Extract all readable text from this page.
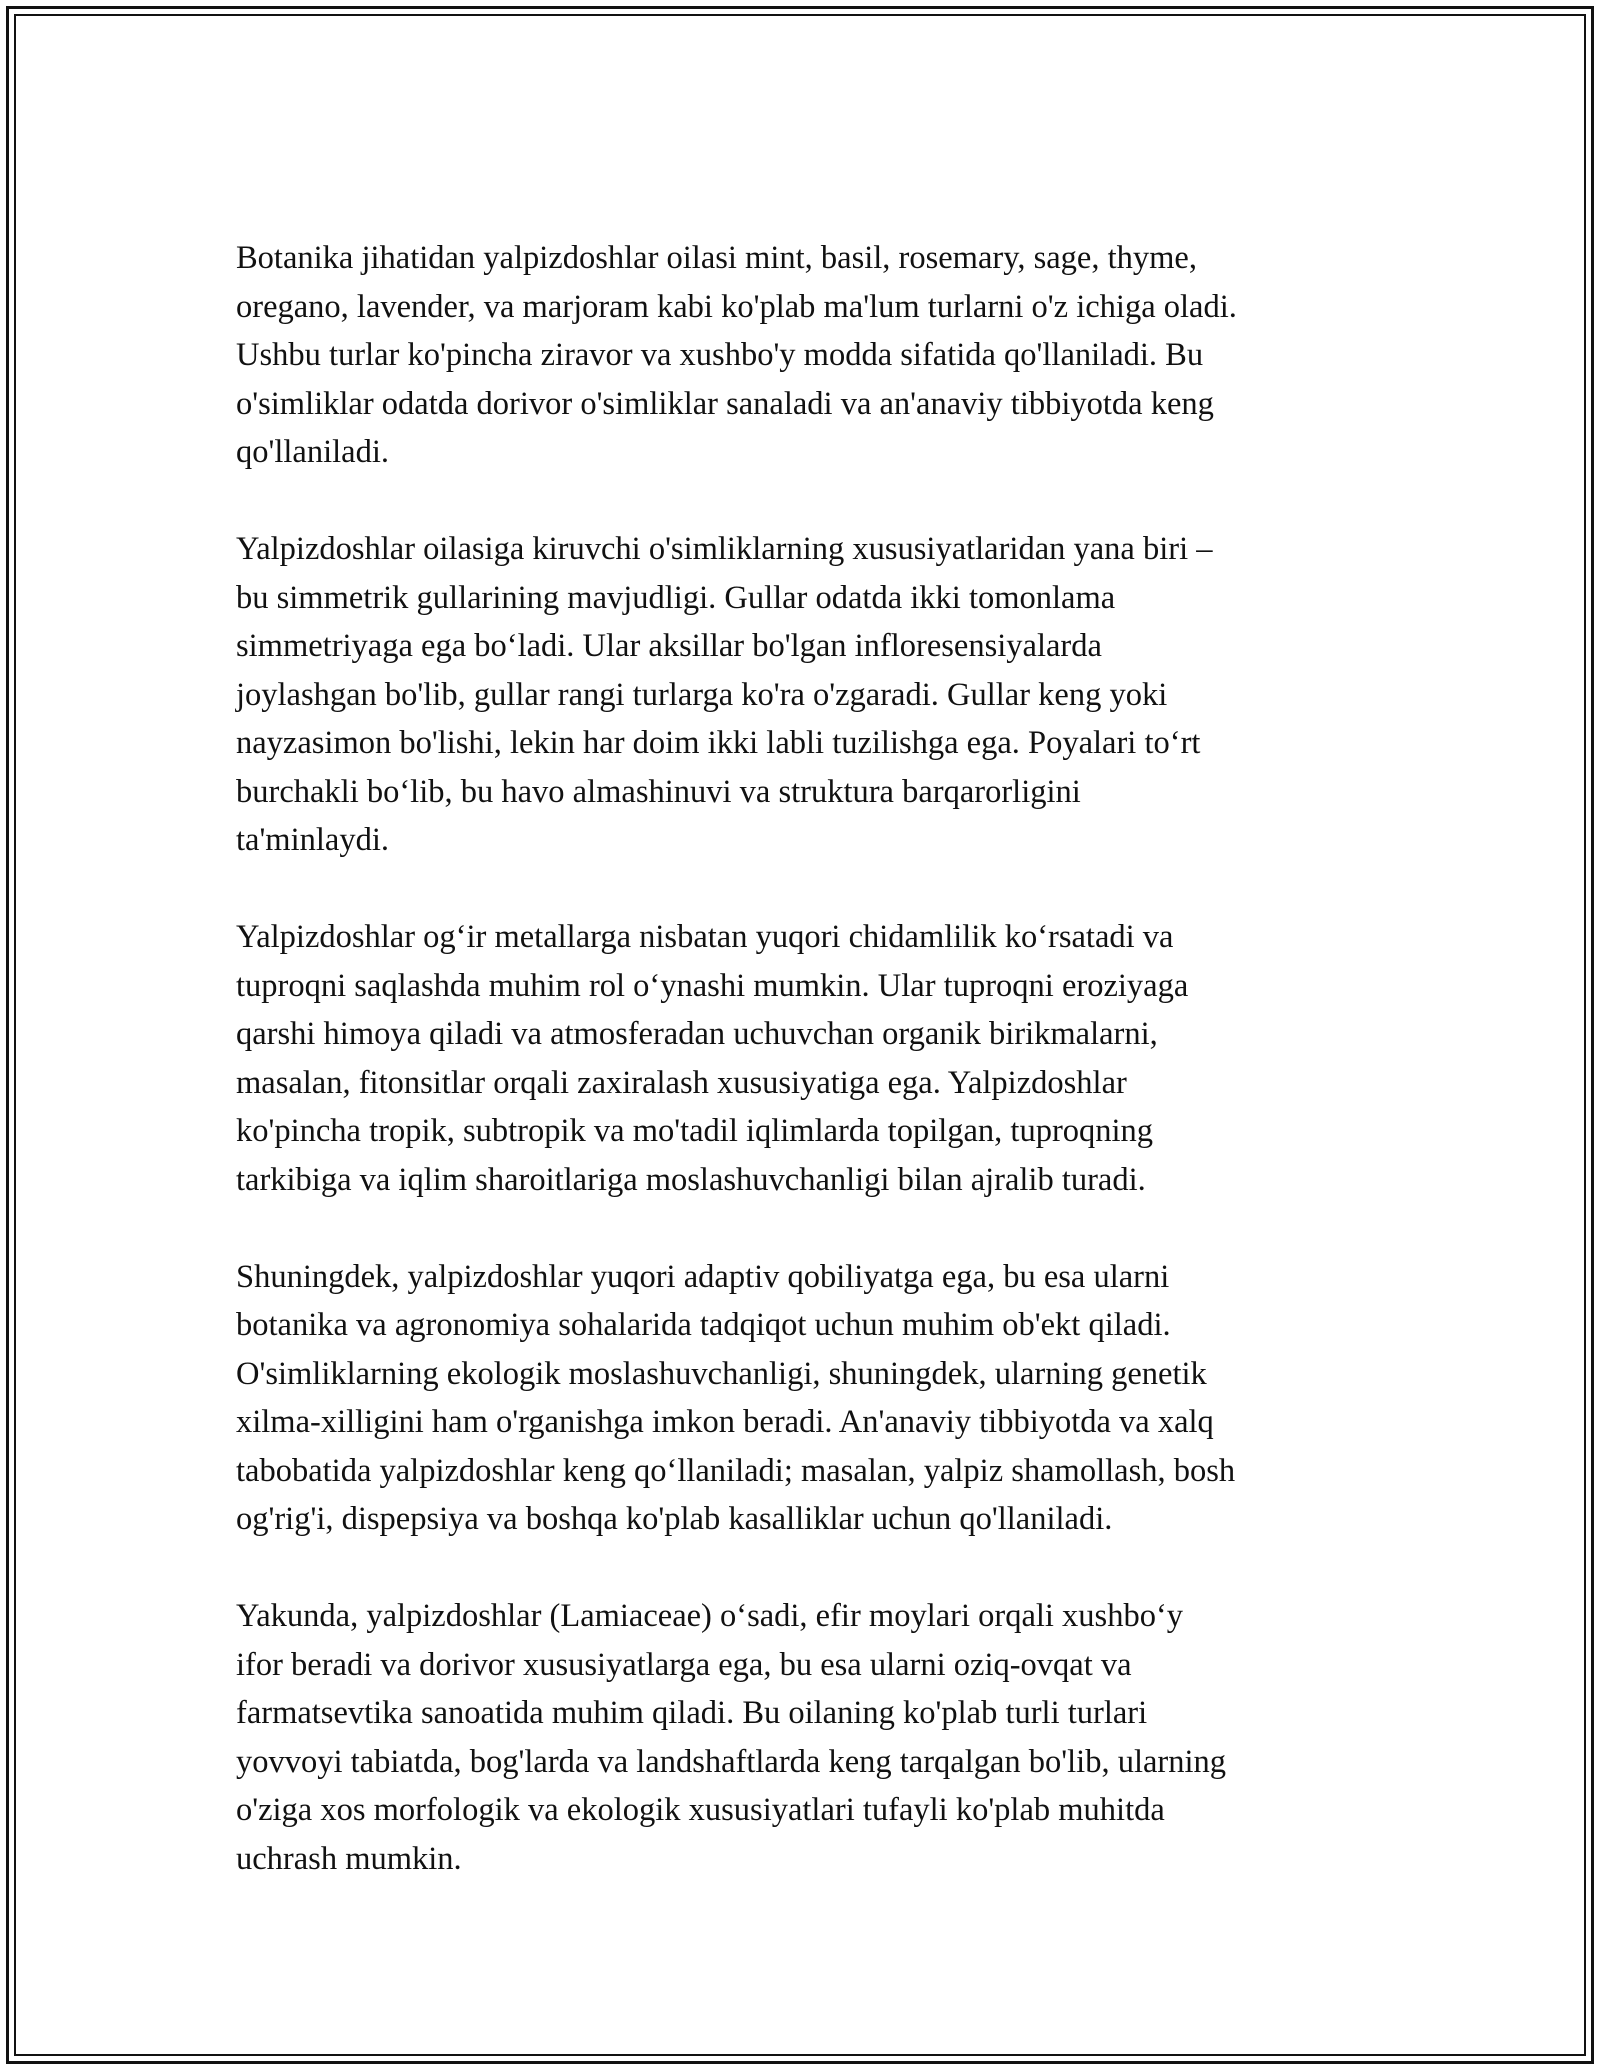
Botanika jihatidan yalpizdoshlar oilasi mint, basil, rosemary, sage, thyme,
oregano, lavender, va marjoram kabi ko'plab ma'lum turlarni o'z ichiga oladi.
Ushbu turlar ko'pincha ziravor va xushbo'y modda sifatida qo'llaniladi. Bu
o'simliklar odatda dorivor o'simliklar sanaladi va an'anaviy tibbiyotda keng
qo'llaniladi.

Yalpizdoshlar oilasiga kiruvchi o'simliklarning xususiyatlaridan yana biri –
bu simmetrik gullarining mavjudligi. Gullar odatda ikki tomonlama
simmetriyaga ega bo‘ladi. Ular aksillar bo'lgan infloresensiyalarda
joylashgan bo'lib, gullar rangi turlarga ko'ra o'zgaradi. Gullar keng yoki
nayzasimon bo'lishi, lekin har doim ikki labli tuzilishga ega. Poyalari to‘rt
burchakli bo‘lib, bu havo almashinuvi va struktura barqarorligini
ta'minlaydi.

Yalpizdoshlar og‘ir metallarga nisbatan yuqori chidamlilik ko‘rsatadi va
tuproqni saqlashda muhim rol o‘ynashi mumkin. Ular tuproqni eroziyaga
qarshi himoya qiladi va atmosferadan uchuvchan organik birikmalarni,
masalan, fitonsitlar orqali zaxiralash xususiyatiga ega. Yalpizdoshlar
ko'pincha tropik, subtropik va mo'tadil iqlimlarda topilgan, tuproqning
tarkibiga va iqlim sharoitlariga moslashuvchanligi bilan ajralib turadi.

Shuningdek, yalpizdoshlar yuqori adaptiv qobiliyatga ega, bu esa ularni
botanika va agronomiya sohalarida tadqiqot uchun muhim ob'ekt qiladi.
O'simliklarning ekologik moslashuvchanligi, shuningdek, ularning genetik
xilma-xilligini ham o'rganishga imkon beradi. An'anaviy tibbiyotda va xalq
tabobatida yalpizdoshlar keng qo‘llaniladi; masalan, yalpiz shamollash, bosh
og'rig'i, dispepsiya va boshqa ko'plab kasalliklar uchun qo'llaniladi.

Yakunda, yalpizdoshlar (Lamiaceae) o‘sadi, efir moylari orqali xushbo‘y
ifor beradi va dorivor xususiyatlarga ega, bu esa ularni oziq-ovqat va
farmatsevtika sanoatida muhim qiladi. Bu oilaning ko'plab turli turlari
yovvoyi tabiatda, bog'larda va landshaftlarda keng tarqalgan bo'lib, ularning
o'ziga xos morfologik va ekologik xususiyatlari tufayli ko'plab muhitda
uchrash mumkin.
